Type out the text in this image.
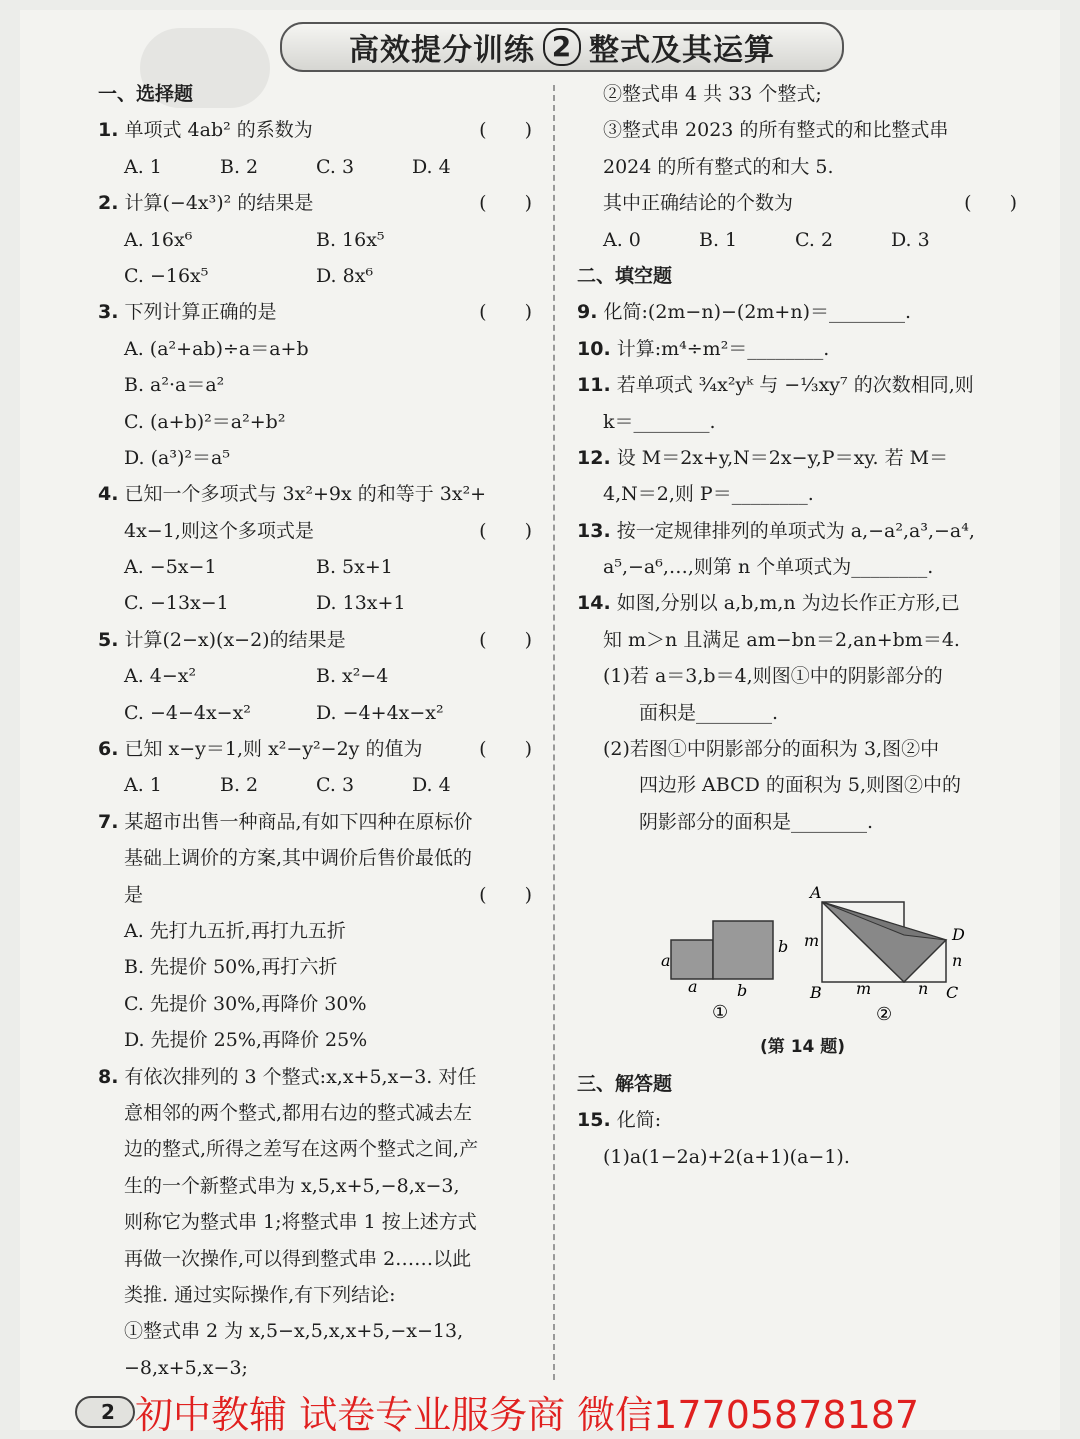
高效提分训练 2 整式及其运算
一、选择题
1. 单项式 4ab² 的系数为	(　　)
A. 1	B. 2	C. 3	D. 4
2. 计算(−4x³)² 的结果是	(　　)
A. 16x⁶	B. 16x⁵
C. −16x⁵	D. 8x⁶
3. 下列计算正确的是	(　　)
A. (a²+ab)÷a＝a+b
B. a²·a＝a²
C. (a+b)²＝a²+b²
D. (a³)²＝a⁵
4. 已知一个多项式与 3x²+9x 的和等于 3x²+
4x−1,则这个多项式是	(　　)
A. −5x−1	B. 5x+1
C. −13x−1	D. 13x+1
5. 计算(2−x)(x−2)的结果是	(　　)
A. 4−x²	B. x²−4
C. −4−4x−x²	D. −4+4x−x²
6. 已知 x−y＝1,则 x²−y²−2y 的值为	(　　)
A. 1	B. 2	C. 3	D. 4
7. 某超市出售一种商品,有如下四种在原标价
基础上调价的方案,其中调价后售价最低的
是	(　　)
A. 先打九五折,再打九五折
B. 先提价 50%,再打六折
C. 先提价 30%,再降价 30%
D. 先提价 25%,再降价 25%
8. 有依次排列的 3 个整式:x,x+5,x−3. 对任
意相邻的两个整式,都用右边的整式减去左
边的整式,所得之差写在这两个整式之间,产
生的一个新整式串为 x,5,x+5,−8,x−3,
则称它为整式串 1;将整式串 1 按上述方式
再做一次操作,可以得到整式串 2……以此
类推. 通过实际操作,有下列结论:
①整式串 2 为 x,5−x,5,x,x+5,−x−13,
−8,x+5,x−3;
②整式串 4 共 33 个整式;
③整式串 2023 的所有整式的和比整式串
2024 的所有整式的和大 5.
其中正确结论的个数为	(　　)
A. 0	B. 1	C. 2	D. 3
二、填空题
9. 化简:(2m−n)−(2m+n)＝________.
10. 计算:m⁴÷m²＝________.
11. 若单项式 ¾x²yᵏ 与 −⅓xy⁷ 的次数相同,则
k＝________.
12. 设 M＝2x+y,N＝2x−y,P＝xy. 若 M＝
4,N＝2,则 P＝________.
13. 按一定规律排列的单项式为 a,−a²,a³,−a⁴,
a⁵,−a⁶,…,则第 n 个单项式为________.
14. 如图,分别以 a,b,m,n 为边长作正方形,已
知 m＞n 且满足 am−bn＝2,an+bm＝4.
(1)若 a＝3,b＝4,则图①中的阴影部分的
面积是________.
(2)若图①中阴影部分的面积为 3,图②中
四边形 ABCD 的面积为 5,则图②中的
阴影部分的面积是________.
a
b
a b
①
A
B	C
D
m
m
n
n
②
(第 14 题)
三、解答题
15. 化简:
(1)a(1−2a)+2(a+1)(a−1).
2 初中教辅 试卷专业服务商 微信17705878187
